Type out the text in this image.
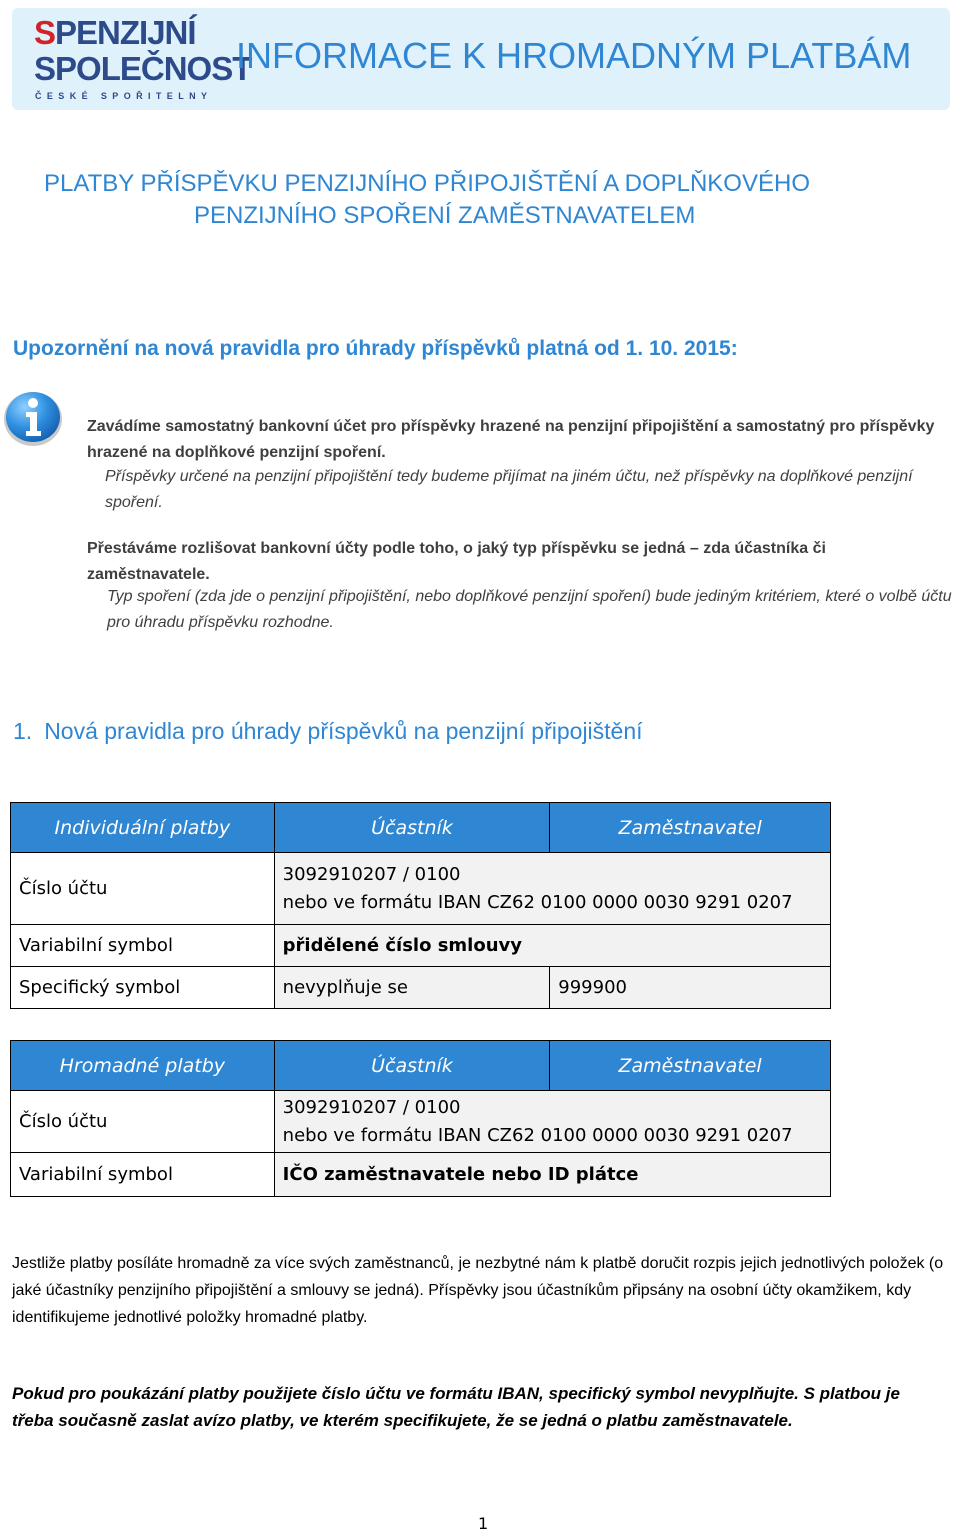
SPENZIJNÍ
SPOLEČNOST
ČESKÉ SPOŘITELNY
INFORMACE K HROMADNÝM PLATBÁM
PLATBY PŘÍSPĚVKU PENZIJNÍHO PŘIPOJIŠTĚNÍ A DOPLŇKOVÉHO
PENZIJNÍHO SPOŘENÍ ZAMĚSTNAVATELEM
Upozornění na nová pravidla pro úhrady příspěvků platná od 1. 10. 2015:
Zavádíme samostatný bankovní účet pro příspěvky hrazené na penzijní připojištění a samostatný pro příspěvky hrazené na doplňkové penzijní spoření.
Příspěvky určené na penzijní připojištění tedy budeme přijímat na jiném účtu, než příspěvky na doplňkové penzijní spoření.
Přestáváme rozlišovat bankovní účty podle toho, o jaký typ příspěvku se jedná – zda účastníka či zaměstnavatele.
Typ spoření (zda jde o penzijní připojištění, nebo doplňkové penzijní spoření) bude jediným kritériem, které o volbě účtu pro úhradu příspěvku rozhodne.
1. Nová pravidla pro úhrady příspěvků na penzijní připojištění
Individuální platby	Účastník	Zaměstnavatel
Číslo účtu	3092910207 / 0100
nebo ve formátu IBAN CZ62 0100 0000 0030 9291 0207	

Variabilní symbol	přidělené číslo smlouvy	
Specifický symbol	nevyplňuje se	999900
Hromadné platby	Účastník	Zaměstnavatel
Číslo účtu	3092910207 / 0100
nebo ve formátu IBAN CZ62 0100 0000 0030 9291 0207	

Variabilní symbol	IČO zaměstnavatele nebo ID plátce	
Jestliže platby posíláte hromadně za více svých zaměstnanců, je nezbytné nám k platbě doručit rozpis jejich jednotlivých položek (o jaké účastníky penzijního připojištění a smlouvy se jedná). Příspěvky jsou účastníkům připsány na osobní účty okamžikem, kdy identifikujeme jednotlivé položky hromadné platby.
Pokud pro poukázání platby použijete číslo účtu ve formátu IBAN, specifický symbol nevyplňujte. S platbou je třeba současně zaslat avízo platby, ve kterém specifikujete, že se jedná o platbu zaměstnavatele.
1
